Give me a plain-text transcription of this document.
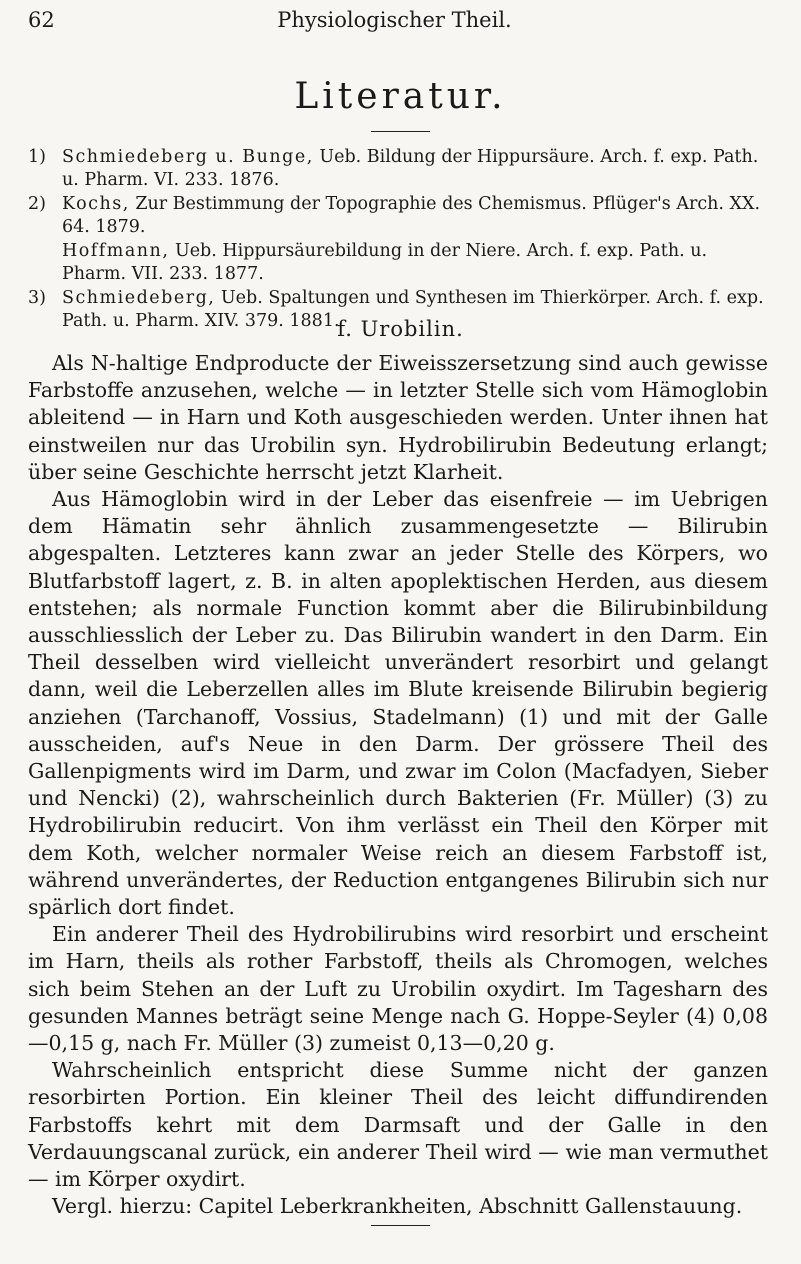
62	Physiologischer Theil.
Literatur.

1) Schmiedeberg u. Bunge, Ueb. Bildung der Hippursäure. Arch. f. exp. Path. u. Pharm. VI. 233. 1876.

2) Kochs, Zur Bestimmung der Topographie des Chemismus. Pflüger's Arch. XX. 64. 1879.

Hoffmann, Ueb. Hippursäurebildung in der Niere. Arch. f. exp. Path. u. Pharm. VII. 233. 1877.

3) Schmiedeberg, Ueb. Spaltungen und Synthesen im Thierkörper. Arch. f. exp. Path. u. Pharm. XIV. 379. 1881.

f. Urobilin.

Als N-haltige Endproducte der Eiweisszersetzung sind auch gewisse Farbstoffe anzusehen, welche — in letzter Stelle sich vom Hämoglobin ableitend — in Harn und Koth ausgeschieden werden. Unter ihnen hat einstweilen nur das Urobilin syn. Hydrobilirubin Bedeutung erlangt; über seine Geschichte herrscht jetzt Klarheit.

Aus Hämoglobin wird in der Leber das eisenfreie — im Uebrigen dem Hämatin sehr ähnlich zusammengesetzte — Bilirubin abgespalten. Letzteres kann zwar an jeder Stelle des Körpers, wo Blutfarbstoff lagert, z. B. in alten apoplektischen Herden, aus diesem entstehen; als normale Function kommt aber die Bilirubinbildung ausschliesslich der Leber zu. Das Bilirubin wandert in den Darm. Ein Theil desselben wird vielleicht unverändert resorbirt und gelangt dann, weil die Leberzellen alles im Blute kreisende Bilirubin begierig anziehen (Tarchanoff, Vossius, Stadelmann) (1) und mit der Galle ausscheiden, auf's Neue in den Darm. Der grössere Theil des Gallenpigments wird im Darm, und zwar im Colon (Macfadyen, Sieber und Nencki) (2), wahrscheinlich durch Bakterien (Fr. Müller) (3) zu Hydrobilirubin reducirt. Von ihm verlässt ein Theil den Körper mit dem Koth, welcher normaler Weise reich an diesem Farbstoff ist, während unverändertes, der Reduction entgangenes Bilirubin sich nur spärlich dort findet.

Ein anderer Theil des Hydrobilirubins wird resorbirt und erscheint im Harn, theils als rother Farbstoff, theils als Chromogen, welches sich beim Stehen an der Luft zu Urobilin oxydirt. Im Tagesharn des gesunden Mannes beträgt seine Menge nach G. Hoppe-Seyler (4) 0,08—0,15 g, nach Fr. Müller (3) zumeist 0,13—0,20 g.

Wahrscheinlich entspricht diese Summe nicht der ganzen resorbirten Portion. Ein kleiner Theil des leicht diffundirenden Farbstoffs kehrt mit dem Darmsaft und der Galle in den Verdauungscanal zurück, ein anderer Theil wird — wie man vermuthet — im Körper oxydirt.

Vergl. hierzu: Capitel Leberkrankheiten, Abschnitt Gallenstauung.
